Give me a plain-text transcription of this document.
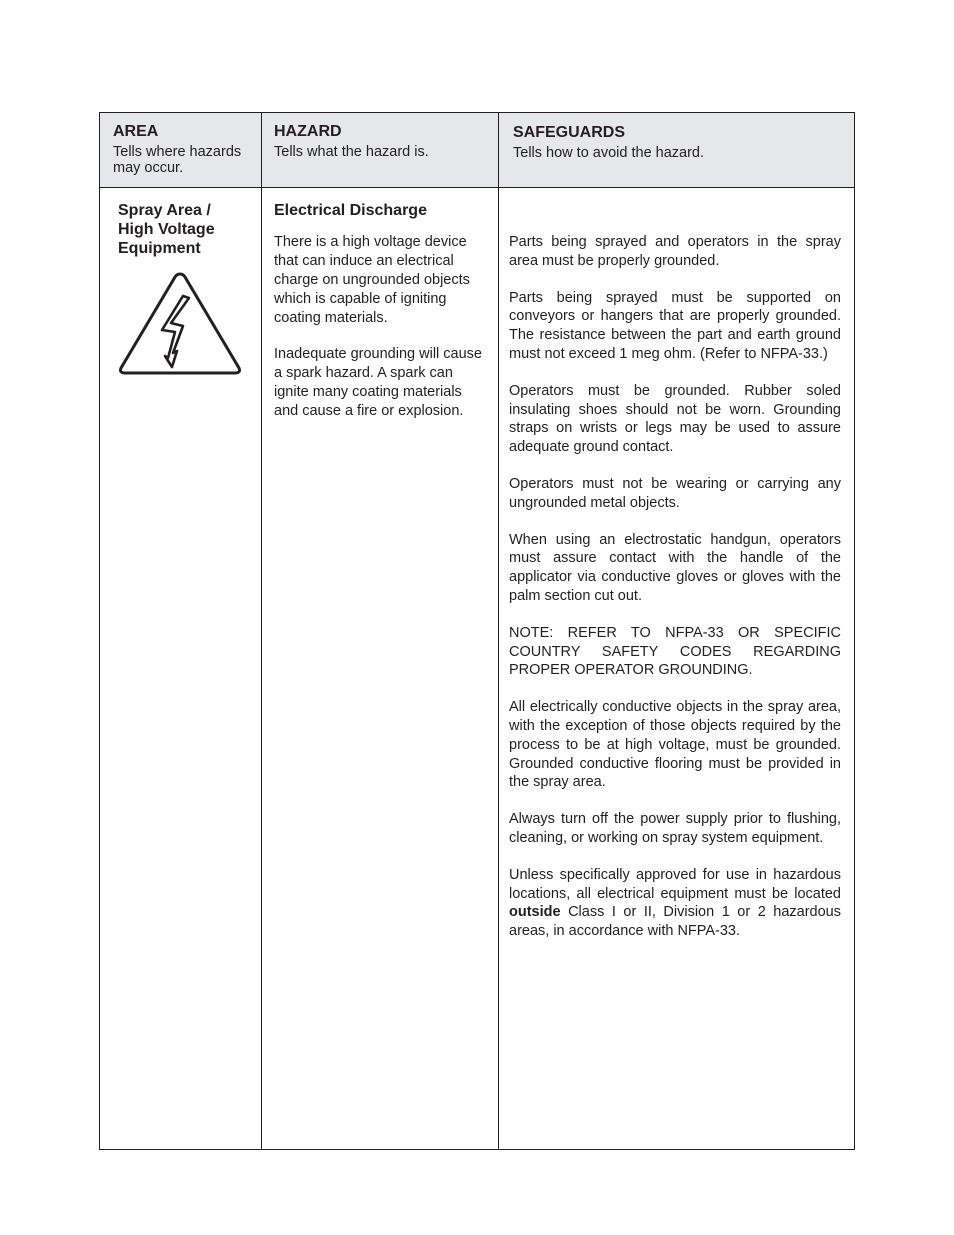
AREA
Tells where hazards may occur.
HAZARD
Tells what the hazard is.
SAFEGUARDS
Tells how to avoid the hazard.
Spray Area / High Voltage Equipment
Electrical Discharge

There is a high voltage device that can induce an electrical charge on ungrounded objects which is capable of igniting coating materials.

Inadequate grounding will cause a spark hazard. A spark can ignite many coating materials and cause a fire or explosion.

Parts being sprayed and operators in the spray area must be properly grounded.

Parts being sprayed must be supported on conveyors or hangers that are properly grounded. The resistance between the part and earth ground must not exceed 1 meg ohm. (Refer to NFPA-33.)

Operators must be grounded. Rubber soled insulating shoes should not be worn. Grounding straps on wrists or legs may be used to assure adequate ground contact.

Operators must not be wearing or carrying any ungrounded metal objects.

When using an electrostatic handgun, operators must assure contact with the handle of the applicator via conductive gloves or gloves with the palm section cut out.

NOTE: REFER TO NFPA-33 OR SPECIFIC COUNTRY SAFETY CODES REGARDING PROPER OPERATOR GROUNDING.

All electrically conductive objects in the spray area, with the exception of those objects required by the process to be at high voltage, must be grounded. Grounded conductive flooring must be provided in the spray area.

Always turn off the power supply prior to flushing, cleaning, or working on spray system equipment.

Unless specifically approved for use in hazardous locations, all electrical equipment must be located outside Class I or II, Division 1 or 2 hazardous areas, in accordance with NFPA-33.
